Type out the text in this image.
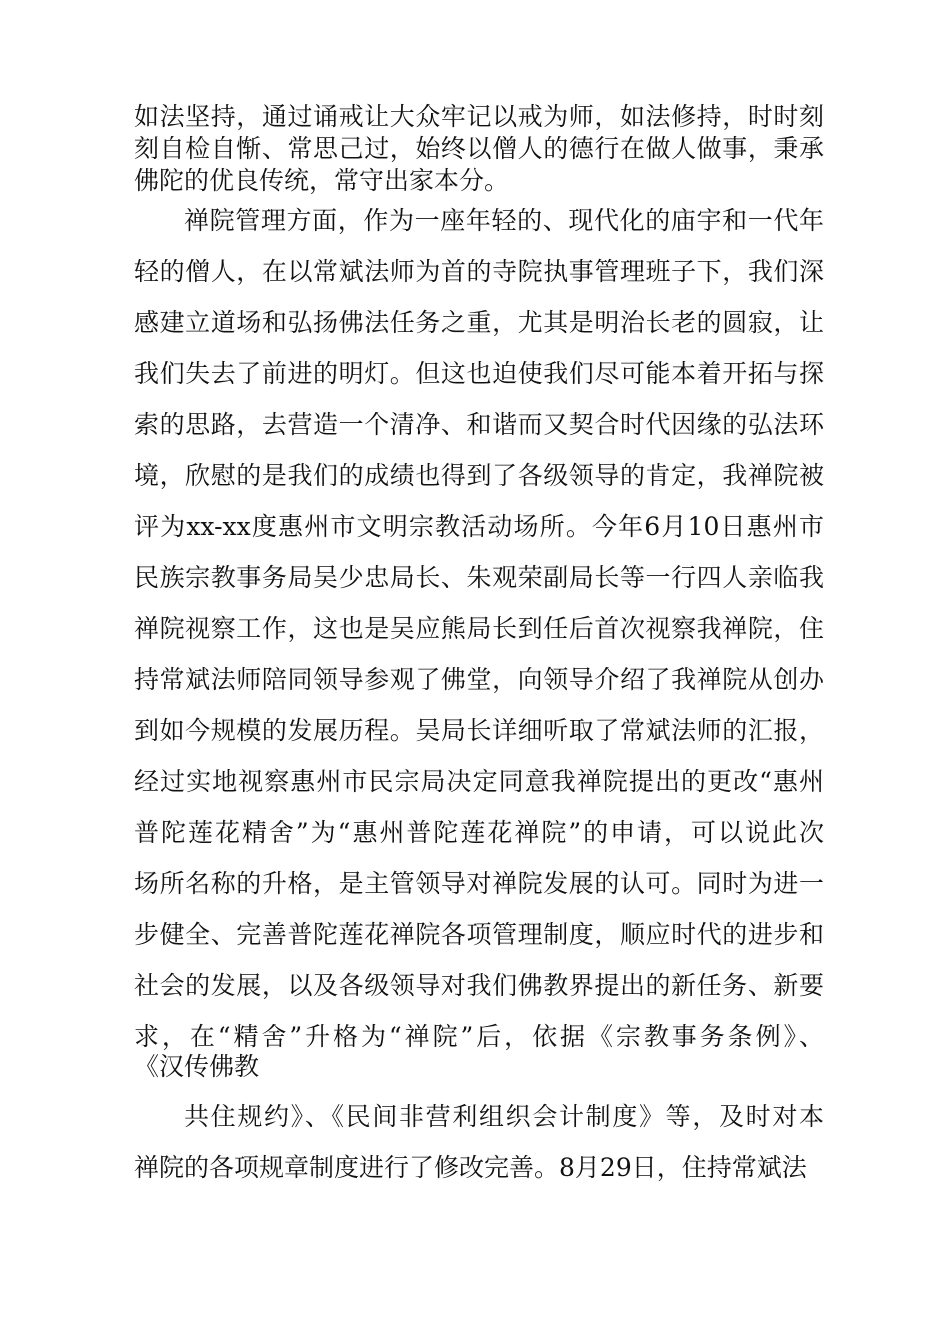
如法坚持，通过诵戒让大众牢记以戒为师，如法修持，时时刻
刻自检自惭、常思己过，始终以僧人的德行在做人做事，秉承
佛陀的优良传统，常守出家本分。
禅院管理方面，作为一座年轻的、现代化的庙宇和一代年
轻的僧人，在以常斌法师为首的寺院执事管理班子下，我们深
感建立道场和弘扬佛法任务之重，尤其是明治长老的圆寂，让
我们失去了前进的明灯。但这也迫使我们尽可能本着开拓与探
索的思路，去营造一个清净、和谐而又契合时代因缘的弘法环
境，欣慰的是我们的成绩也得到了各级领导的肯定，我禅院被
评为xx-xx度惠州市文明宗教活动场所。今年6月10日惠州市
民族宗教事务局吴少忠局长、朱观荣副局长等一行四人亲临我
禅院视察工作，这也是吴应熊局长到任后首次视察我禅院，住
持常斌法师陪同领导参观了佛堂，向领导介绍了我禅院从创办
到如今规模的发展历程。吴局长详细听取了常斌法师的汇报，
经过实地视察惠州市民宗局决定同意我禅院提出的更改“惠州
普陀莲花精舍”为“惠州普陀莲花禅院”的申请，可以说此次
场所名称的升格，是主管领导对禅院发展的认可。同时为进一
步健全、完善普陀莲花禅院各项管理制度，顺应时代的进步和
社会的发展，以及各级领导对我们佛教界提出的新任务、新要
求，在“精舍”升格为“禅院”后，依据《宗教事务条例》、
《汉传佛教
共住规约》、《民间非营利组织会计制度》等，及时对本
禅院的各项规章制度进行了修改完善。8月29日，住持常斌法
